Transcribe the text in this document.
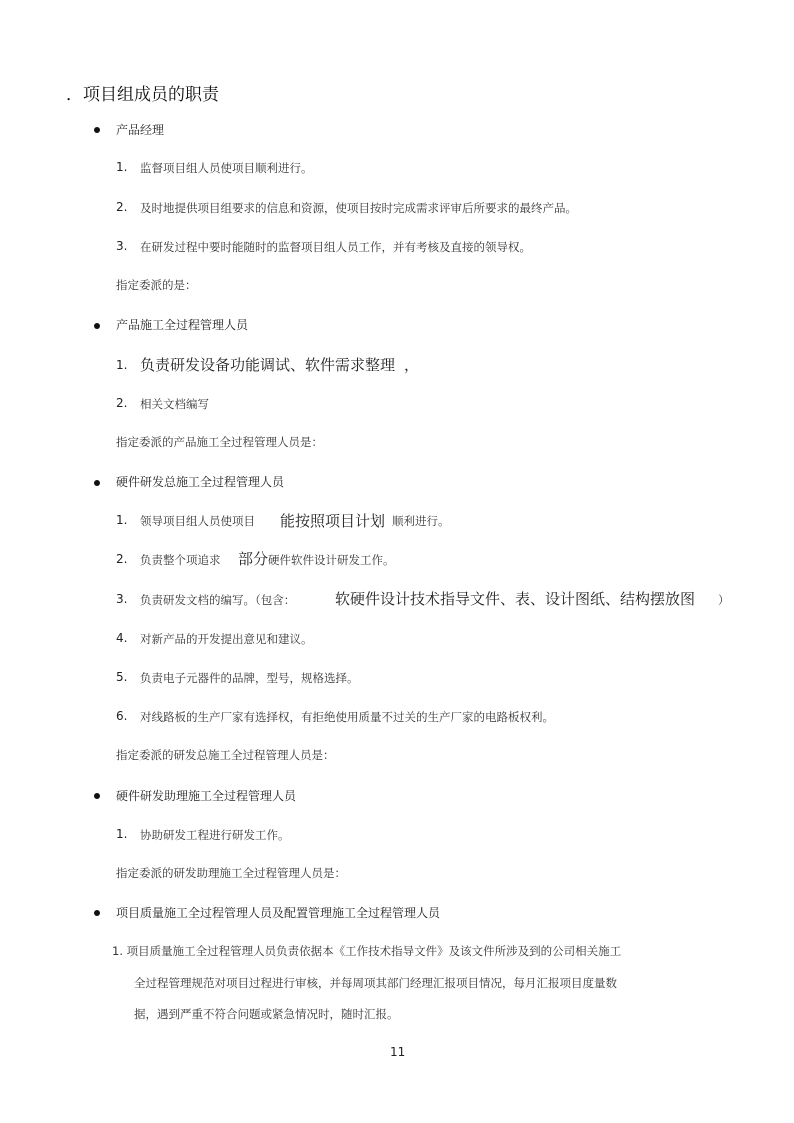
．项目组成员的职责
产品经理
1. 监督项目组人员使项目顺利进行。
2. 及时地提供项目组要求的信息和资源，使项目按时完成需求评审后所要求的最终产品。
3. 在研发过程中要时能随时的监督项目组人员工作，并有考核及直接的领导权。
指定委派的是：
产品施工全过程管理人员
1. 负责研发设备功能调试、软件需求整理 ，
2. 相关文档编写
指定委派的产品施工全过程管理人员是：
硬件研发总施工全过程管理人员
1. 领导项目组人员使项目 能按照项目计划 顺利进行。
2. 负责整个项追求 部分 硬件软件设计研发工作。
3. 负责研发文档的编写。（包含：	软硬件设计技术指导文件、表、设计图纸、结构摆放图 ）
4. 对新产品的开发提出意见和建议。
5. 负责电子元器件的品牌，型号，规格选择。
6. 对线路板的生产厂家有选择权，有拒绝使用质量不过关的生产厂家的电路板权利。
指定委派的研发总施工全过程管理人员是：
硬件研发助理施工全过程管理人员
1. 协助研发工程进行研发工作。
指定委派的研发助理施工全过程管理人员是：
项目质量施工全过程管理人员及配置管理施工全过程管理人员
1. 项目质量施工全过程管理人员负责依据本《工作技术指导文件》及该文件所涉及到的公司相关施工
全过程管理规范对项目过程进行审核，并每周项其部门经理汇报项目情况，每月汇报项目度量数
据，遇到严重不符合问题或紧急情况时，随时汇报。
11
